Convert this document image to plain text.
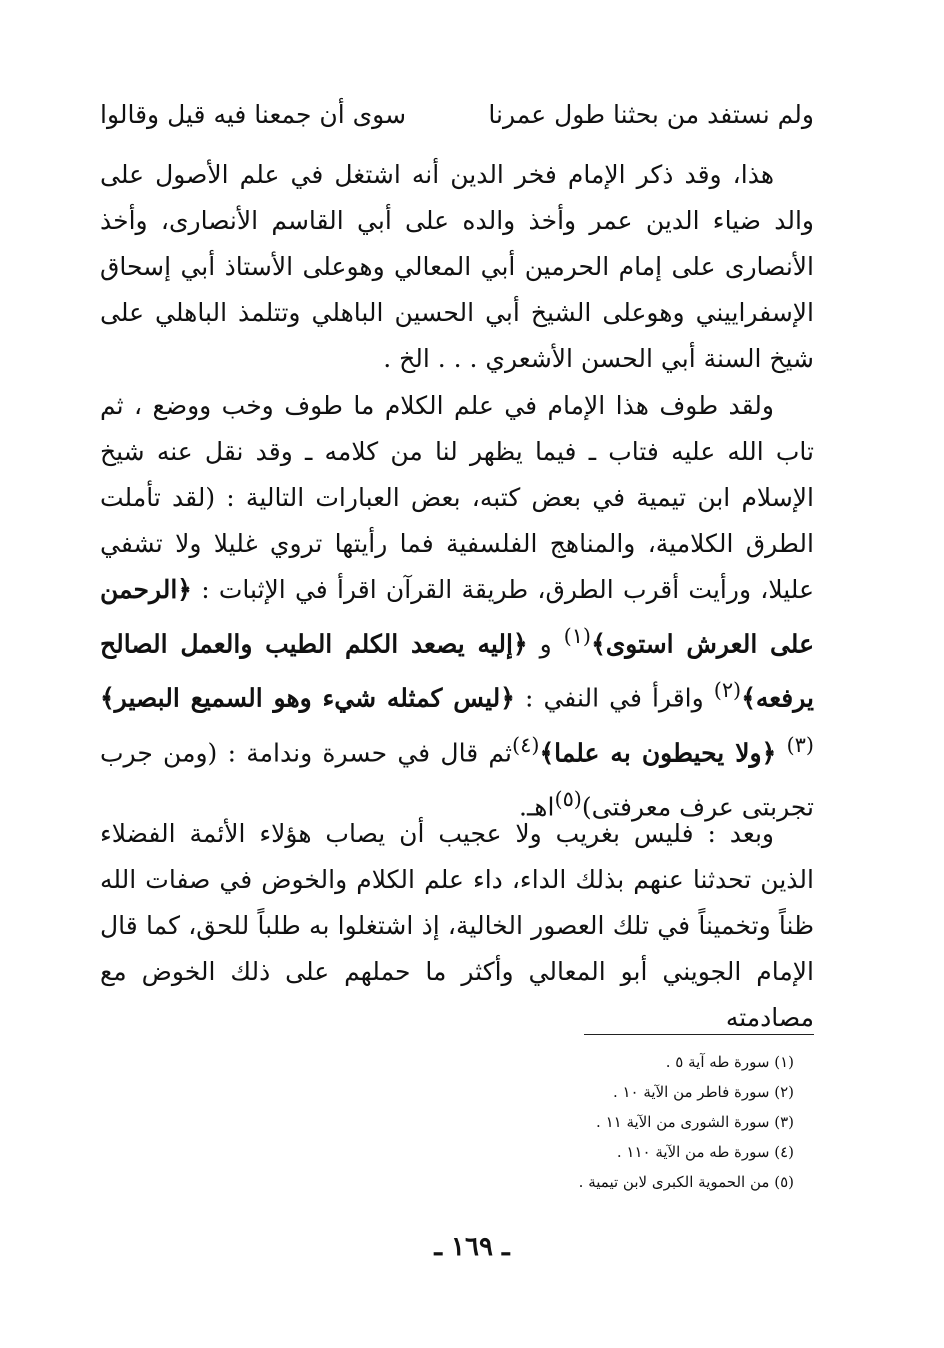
ولم نستفد من بحثنا طول عمرنا
سوى أن جمعنا فيه قيل وقالوا

هذا، وقد ذكر الإمام فخر الدين أنه اشتغل في علم الأصول على والد ضياء الدين عمر وأخذ والده على أبي القاسم الأنصارى، وأخذ الأنصارى على إمام الحرمين أبي المعالي وهوعلى الأستاذ أبي إسحاق الإسفراييني وهوعلى الشيخ أبي الحسين الباهلي وتتلمذ الباهلي على شيخ السنة أبي الحسن الأشعري . . . الخ .

ولقد طوف هذا الإمام في علم الكلام ما طوف وخب ووضع ، ثم تاب الله عليه فتاب ـ فيما يظهر لنا من كلامه ـ وقد نقل عنه شيخ الإسلام ابن تيمية في بعض كتبه، بعض العبارات التالية : (لقد تأملت الطرق الكلامية، والمناهج الفلسفية فما رأيتها تروي غليلا ولا تشفي عليلا، ورأيت أقرب الطرق، طريقة القرآن اقرأ في الإثبات : ﴿الرحمن على العرش استوى﴾$^{(١)}$ و ﴿إليه يصعد الكلم الطيب والعمل الصالح يرفعه﴾$^{(٢)}$ واقرأ في النفي : ﴿ليس كمثله شيء وهو السميع البصير﴾$^{(٣)}$ ﴿ولا يحيطون به علما﴾$^{(٤)}$ثم قال في حسرة وندامة : (ومن جرب تجربتى عرف معرفتى)$^{(٥)}$اهـ.

وبعد : فليس بغريب ولا عجيب أن يصاب هؤلاء الأئمة الفضلاء الذين تحدثنا عنهم بذلك الداء، داء علم الكلام والخوض في صفات الله ظناً وتخميناً في تلك العصور الخالية، إذ اشتغلوا به طلباً للحق، كما قال الإمام الجويني أبو المعالي وأكثر ما حملهم على ذلك الخوض مع مصادمته

(١) سورة طه آية ٥ .
(٢) سورة فاطر من الآية ١٠ .
(٣) سورة الشورى من الآية ١١ .
(٤) سورة طه من الآية ١١٠ .
(٥) من الحموية الكبرى لابن تيمية .
ـ ١٦٩ ـ
